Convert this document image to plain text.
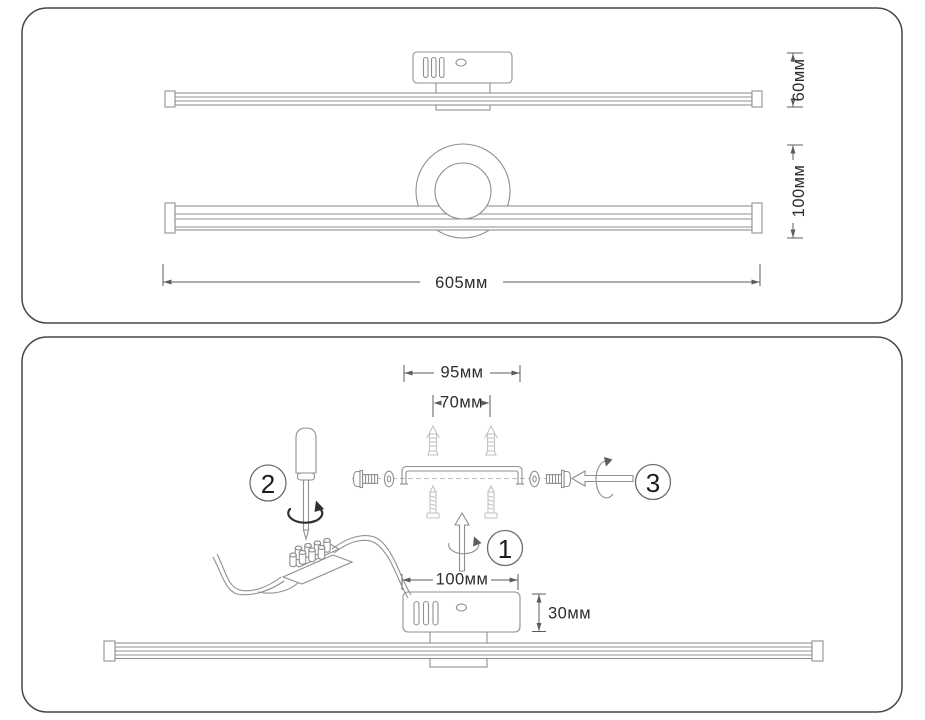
60мм
100мм
605мм
95мм
70мм
3
1
100мм
30мм
2
